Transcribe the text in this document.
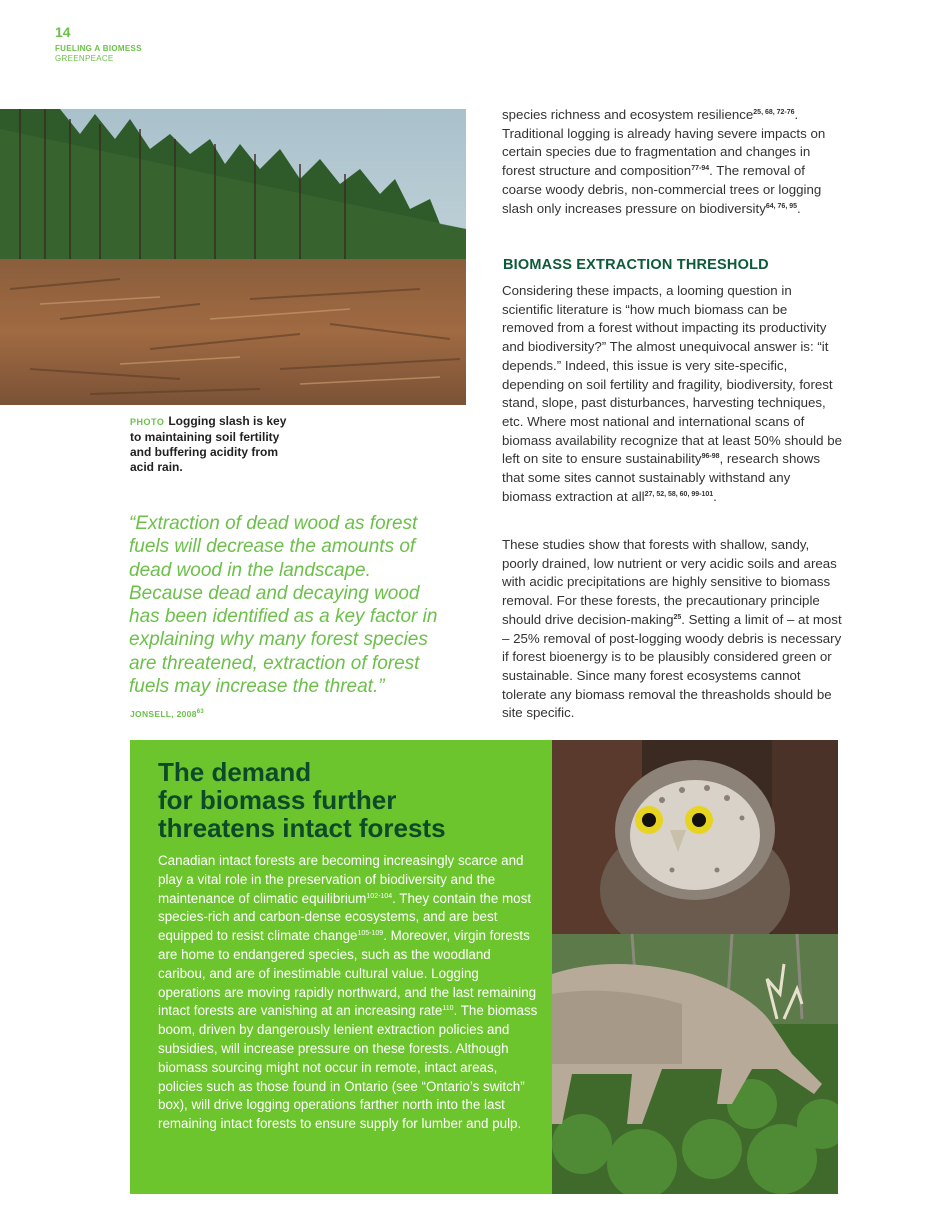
14
FUELING A BIOMESS
GREENPEACE
PHOTO Logging slash is key to maintaining soil fertility and buffering acidity from acid rain.
“Extraction of dead wood as forest fuels will decrease the amounts of dead wood in the landscape. Because dead and decaying wood has been identified as a key factor in explaining why many forest species are threatened, extraction of forest fuels may increase the threat.”
JONSELL, 2008$^{63}$

species richness and ecosystem resilience$^{25, 68, 72-76}$. Traditional logging is already having severe impacts on certain species due to fragmentation and changes in forest structure and composition$^{77-94}$. The removal of coarse woody debris, non-commercial trees or logging slash only increases pressure on biodiversity$^{64, 76, 95}$.

BIOMASS EXTRACTION THRESHOLD

Considering these impacts, a looming question in scientific literature is “how much biomass can be removed from a forest without impacting its productivity and biodiversity?” The almost unequivocal answer is: “it depends.” Indeed, this issue is very site-specific, depending on soil fertility and fragility, biodiversity, forest stand, slope, past disturbances, harvesting techniques, etc. Where most national and international scans of biomass availability recognize that at least 50% should be left on site to ensure sustainability$^{96-98}$, research shows that some sites cannot sustainably withstand any biomass extraction at all$^{27, 52, 58, 60, 99-101}$.

These studies show that forests with shallow, sandy, poorly drained, low nutrient or very acidic soils and areas with acidic precipitations are highly sensitive to biomass removal. For these forests, the precautionary principle should drive decision-making$^{25}$. Setting a limit of – at most – 25% removal of post-logging woody debris is necessary if forest bioenergy is to be plausibly considered green or sustainable. Since many forest ecosystems cannot tolerate any biomass removal the threasholds should be site specific.

The demand
for biomass further
threatens intact forests
Canadian intact forests are becoming increasingly scarce and play a vital role in the preservation of biodiversity and the maintenance of climatic equilibrium$^{102-104}$. They contain the most species-rich and carbon-dense ecosystems, and are best equipped to resist climate change$^{105-109}$. Moreover, virgin forests are home to endangered species, such as the woodland caribou, and are of inestimable cultural value. Logging operations are moving rapidly northward, and the last remaining intact forests are vanishing at an increasing rate$^{110}$. The biomass boom, driven by dangerously lenient extraction policies and subsidies, will increase pressure on these forests. Although biomass sourcing might not occur in remote, intact areas, policies such as those found in Ontario (see “Ontario’s switch” box), will drive logging operations farther north into the last remaining intact forests to ensure supply for lumber and pulp.
